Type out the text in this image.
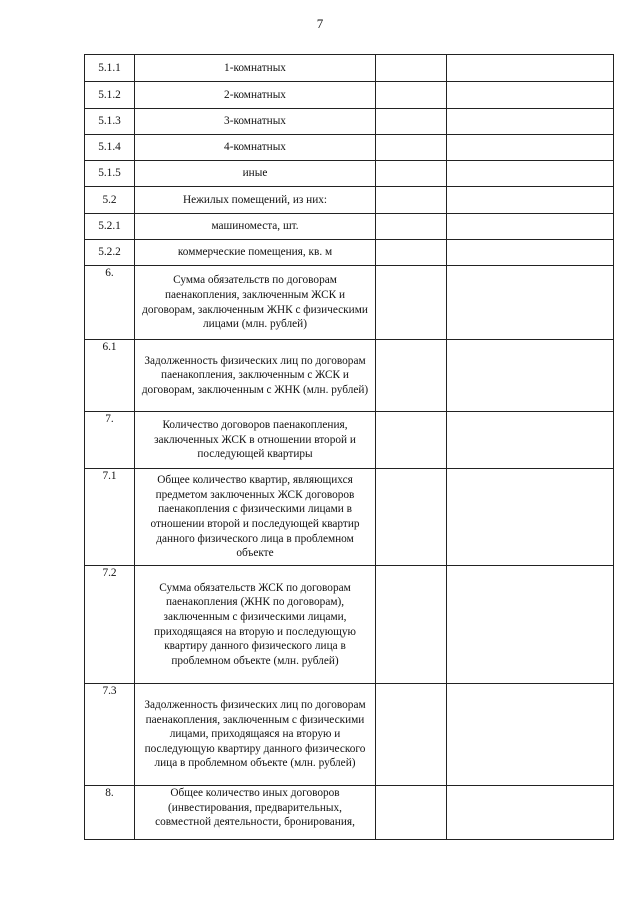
7
5.1.1	1-комнатных		
5.1.2	2-комнатных		
5.1.3	3-комнатных		
5.1.4	4-комнатных		
5.1.5	иные		
5.2	Нежилых помещений, из них:		
5.2.1	машиноместа, шт.		
5.2.2	коммерческие помещения, кв. м		
6.	Сумма обязательств по договорам паенакопления, заключенным ЖСК и договорам, заключенным ЖНК с физическими лицами (млн. рублей)		
6.1	Задолженность физических лиц по договорам паенакопления, заключенным с ЖСК и договорам, заключенным с ЖНК (млн. рублей)		
7.	Количество договоров паенакопления, заключенных ЖСК в отношении второй и последующей квартиры		
7.1	Общее количество квартир, являющихся предметом заключенных ЖСК договоров паенакопления с физическими лицами в отношении второй и последующей квартир данного физического лица в проблемном объекте		
7.2	Сумма обязательств ЖСК по договорам паенакопления (ЖНК по договорам), заключенным с физическими лицами, приходящаяся на вторую и последующую квартиру данного физического лица в проблемном объекте (млн. рублей)		
7.3	Задолженность физических лиц по договорам паенакопления, заключенным с физическими лицами, приходящаяся на вторую и последующую квартиру данного физического лица в проблемном объекте (млн. рублей)		
8.	Общее количество иных договоров (инвестирования, предварительных, совместной деятельности, бронирования,		
